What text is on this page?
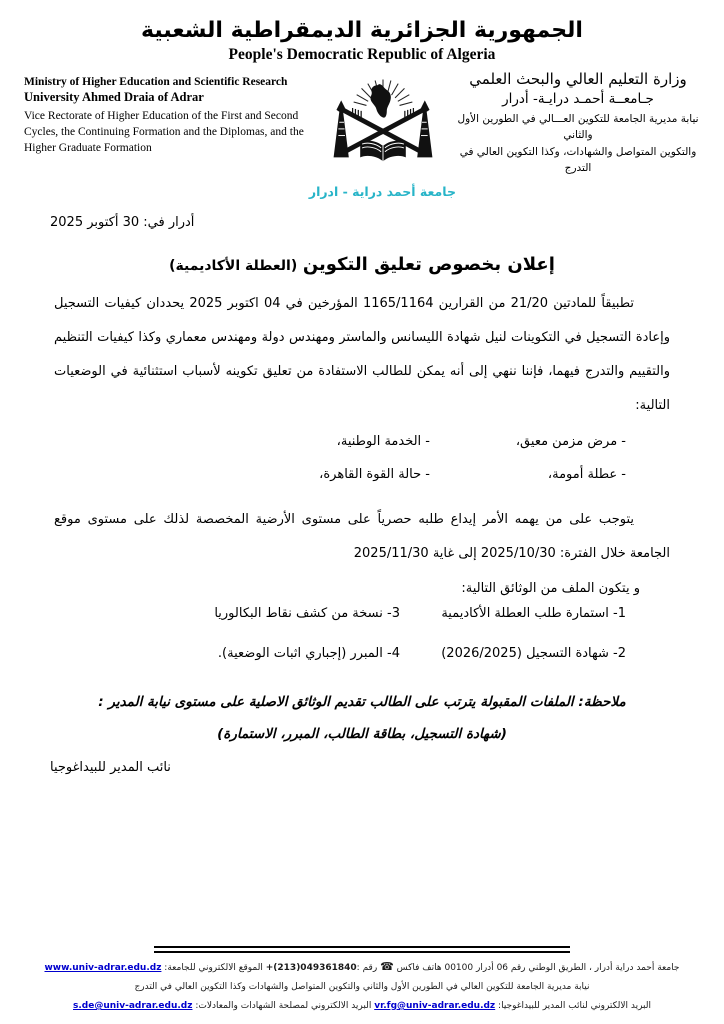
الجمهورية الجزائرية الديمقراطية الشعبية
People's Democratic Republic of Algeria
Ministry of Higher Education and Scientific Research
University Ahmed Draia of Adrar
Vice Rectorate of Higher Education of the First and Second Cycles, the Continuing Formation and the Diplomas, and the Higher Graduate Formation
جامعة أحمد دراية - ادرار
وزارة التعليم العالي والبحث العلمي
جـامعــة أحمـد درايـة- أدرار
نيابة مديرية الجامعة للتكوين العـــالي في الطورين الأول والثاني
والتكوين المتواصل والشهادات، وكذا التكوين العالي في التدرج
أدرار في: 30 أكتوبر 2025
إعلان بخصوص تعليق التكوين (العطلة الأكاديمية)
تطبيقاً للمادتين 21/20 من القرارين 1165/1164 المؤرخين في 04 اكتوبر 2025 يحددان كيفيات التسجيل وإعادة التسجيل في التكوينات لنيل شهادة الليسانس والماستر ومهندس دولة ومهندس معماري وكذا كيفيات التنظيم والتقييم والتدرج فيهما، فإننا ننهي إلى أنه يمكن للطالب الاستفادة من تعليق تكوينه لأسباب استثنائية في الوضعيات التالية:
- مرض مزمن معيق،
- عطلة أمومة،
- الخدمة الوطنية،
- حالة القوة القاهرة،
يتوجب على من يهمه الأمر إيداع طلبه حصرياً على مستوى الأرضية المخصصة لذلك على مستوى موقع الجامعة خلال الفترة: 2025/10/30 إلى غاية 2025/11/30
و يتكون الملف من الوثائق التالية:
1- استمارة طلب العطلة الأكاديمية
2- شهادة التسجيل (2026/2025)
3- نسخة من كشف نقاط البكالوريا
4- المبرر (إجباري اثبات الوضعية).
ملاحظة: الملفات المقبولة يترتب على الطالب تقديم الوثائق الاصلية على مستوى نيابة المدير :
(شهادة التسجيل، بطاقة الطالب، المبرر، الاستمارة)
نائب المدير للبيداغوجيا
جامعة أحمد دراية أدرار ، الطريق الوطني رقم 06 أدرار 00100 هاتف فاكس ☎ رقم :+(213)049361840 الموقع الالكتروني للجامعة: www.univ-adrar.edu.dz
نيابة مديرية الجامعة للتكوين العالي في الطورين الأول والثاني والتكوين المتواصل والشهادات وكذا التكوين العالي في التدرج
البريد الالكتروني لنائب المدير للبيداغوجيا: vr.fg@univ-adrar.edu.dz البريد الالكتروني لمصلحة الشهادات والمعادلات: s.de@univ-adrar.edu.dz
